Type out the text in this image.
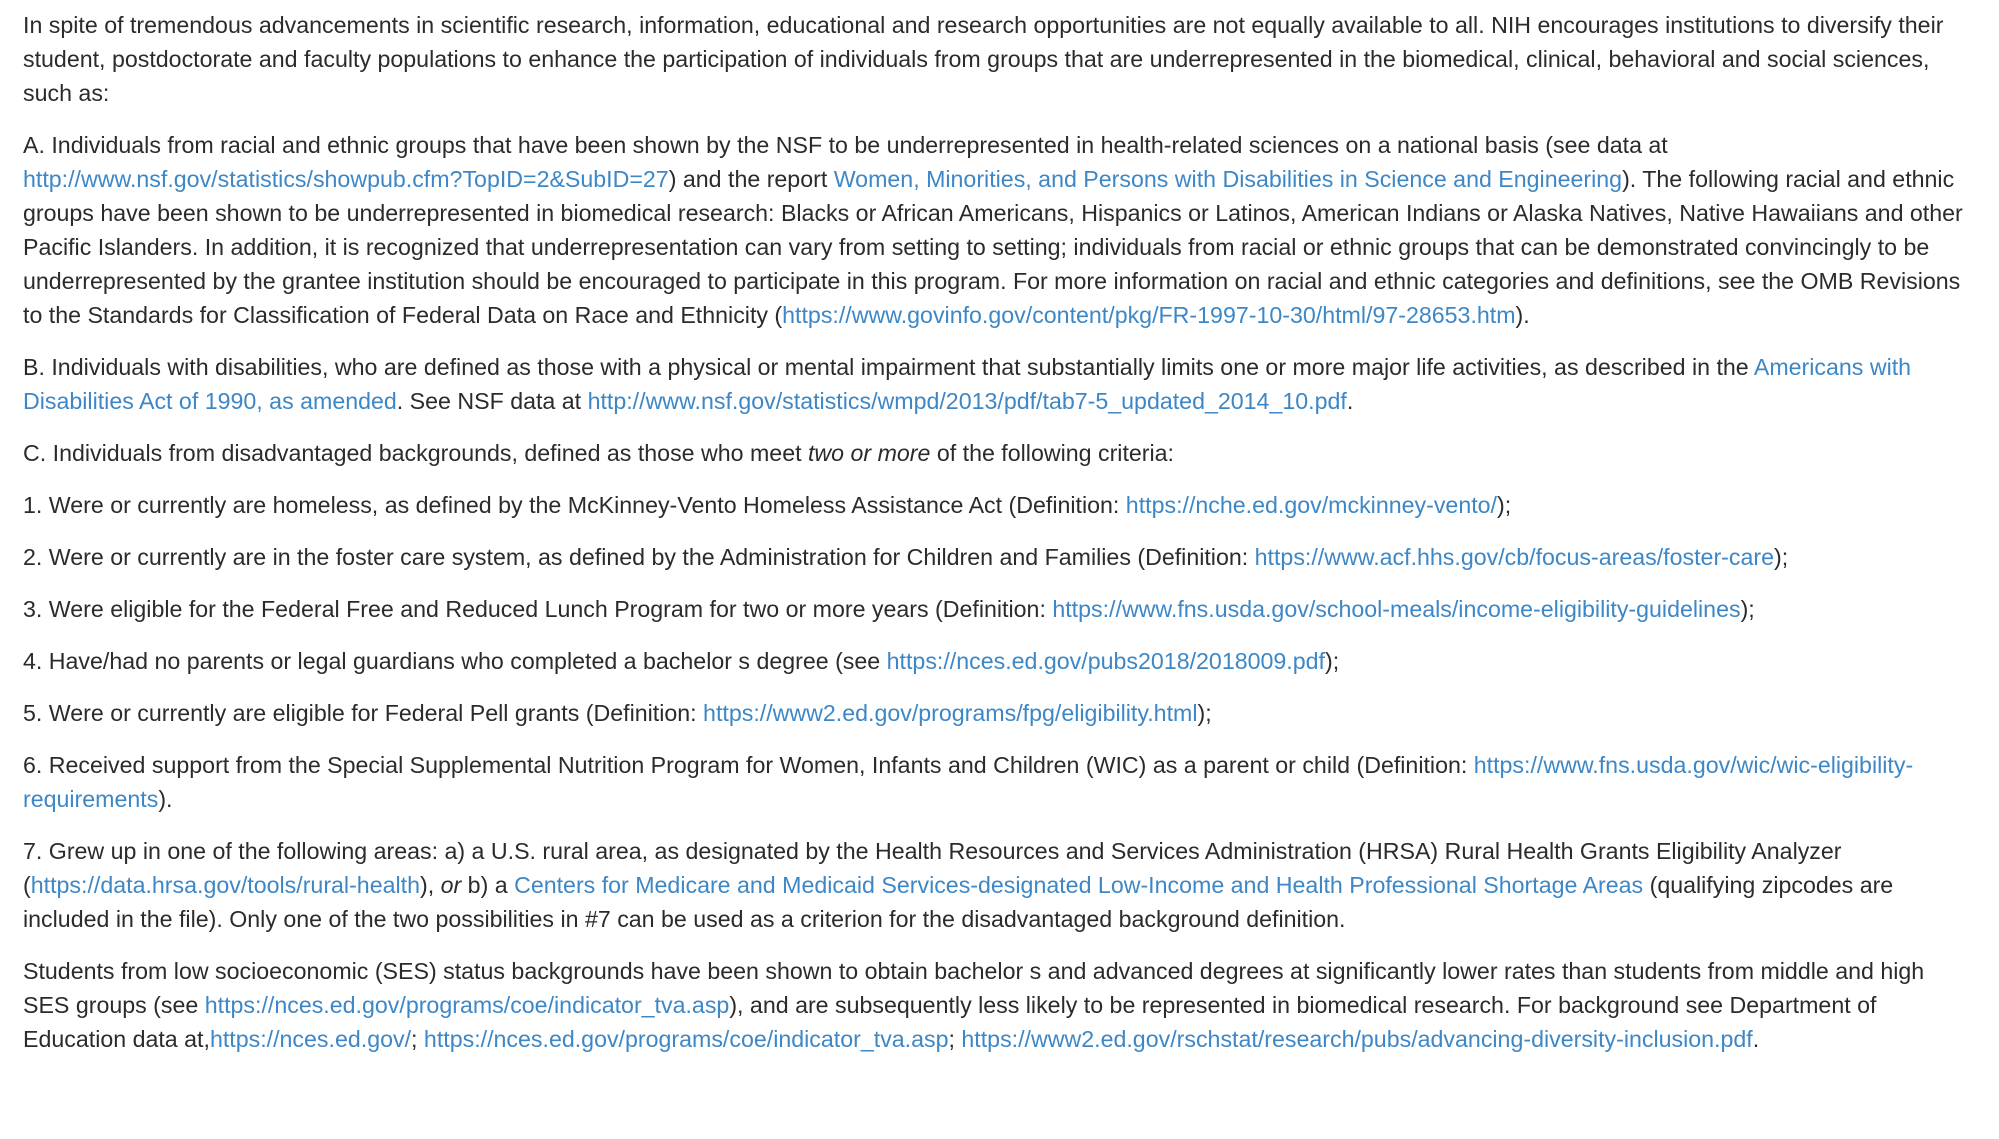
In spite of tremendous advancements in scientific research, information, educational and research opportunities are not equally available to all. NIH encourages institutions to diversify their student, postdoctorate and faculty populations to enhance the participation of individuals from groups that are underrepresented in the biomedical, clinical, behavioral and social sciences, such as:

A. Individuals from racial and ethnic groups that have been shown by the NSF to be underrepresented in health-related sciences on a national basis (see data at http://www.nsf.gov/statistics/showpub.cfm?TopID=2&SubID=27) and the report Women, Minorities, and Persons with Disabilities in Science and Engineering). The following racial and ethnic groups have been shown to be underrepresented in biomedical research: Blacks or African Americans, Hispanics or Latinos, American Indians or Alaska Natives, Native Hawaiians and other Pacific Islanders. In addition, it is recognized that underrepresentation can vary from setting to setting; individuals from racial or ethnic groups that can be demonstrated convincingly to be underrepresented by the grantee institution should be encouraged to participate in this program. For more information on racial and ethnic categories and definitions, see the OMB Revisions to the Standards for Classification of Federal Data on Race and Ethnicity (https://www.govinfo.gov/content/pkg/FR-1997-10-30/html/97-28653.htm).

B. Individuals with disabilities, who are defined as those with a physical or mental impairment that substantially limits one or more major life activities, as described in the Americans with Disabilities Act of 1990, as amended. See NSF data at http://www.nsf.gov/statistics/wmpd/2013/pdf/tab7-5_updated_2014_10.pdf.

C. Individuals from disadvantaged backgrounds, defined as those who meet two or more of the following criteria:

1. Were or currently are homeless, as defined by the McKinney-Vento Homeless Assistance Act (Definition: https://nche.ed.gov/mckinney-vento/);

2. Were or currently are in the foster care system, as defined by the Administration for Children and Families (Definition: https://www.acf.hhs.gov/cb/focus-areas/foster-care);

3. Were eligible for the Federal Free and Reduced Lunch Program for two or more years (Definition: https://www.fns.usda.gov/school-meals/income-eligibility-guidelines);

4. Have/had no parents or legal guardians who completed a bachelor s degree (see https://nces.ed.gov/pubs2018/2018009.pdf);

5. Were or currently are eligible for Federal Pell grants (Definition: https://www2.ed.gov/programs/fpg/eligibility.html);

6. Received support from the Special Supplemental Nutrition Program for Women, Infants and Children (WIC) as a parent or child (Definition: https://www.fns.usda.gov/wic/wic-eligibility-requirements).

7. Grew up in one of the following areas: a) a U.S. rural area, as designated by the Health Resources and Services Administration (HRSA) Rural Health Grants Eligibility Analyzer (https://data.hrsa.gov/tools/rural-health), or b) a Centers for Medicare and Medicaid Services-designated Low-Income and Health Professional Shortage Areas (qualifying zipcodes are included in the file). Only one of the two possibilities in #7 can be used as a criterion for the disadvantaged background definition.

Students from low socioeconomic (SES) status backgrounds have been shown to obtain bachelor s and advanced degrees at significantly lower rates than students from middle and high SES groups (see https://nces.ed.gov/programs/coe/indicator_tva.asp), and are subsequently less likely to be represented in biomedical research. For background see Department of Education data at,https://nces.ed.gov/; https://nces.ed.gov/programs/coe/indicator_tva.asp; https://www2.ed.gov/rschstat/research/pubs/advancing-diversity-inclusion.pdf.
